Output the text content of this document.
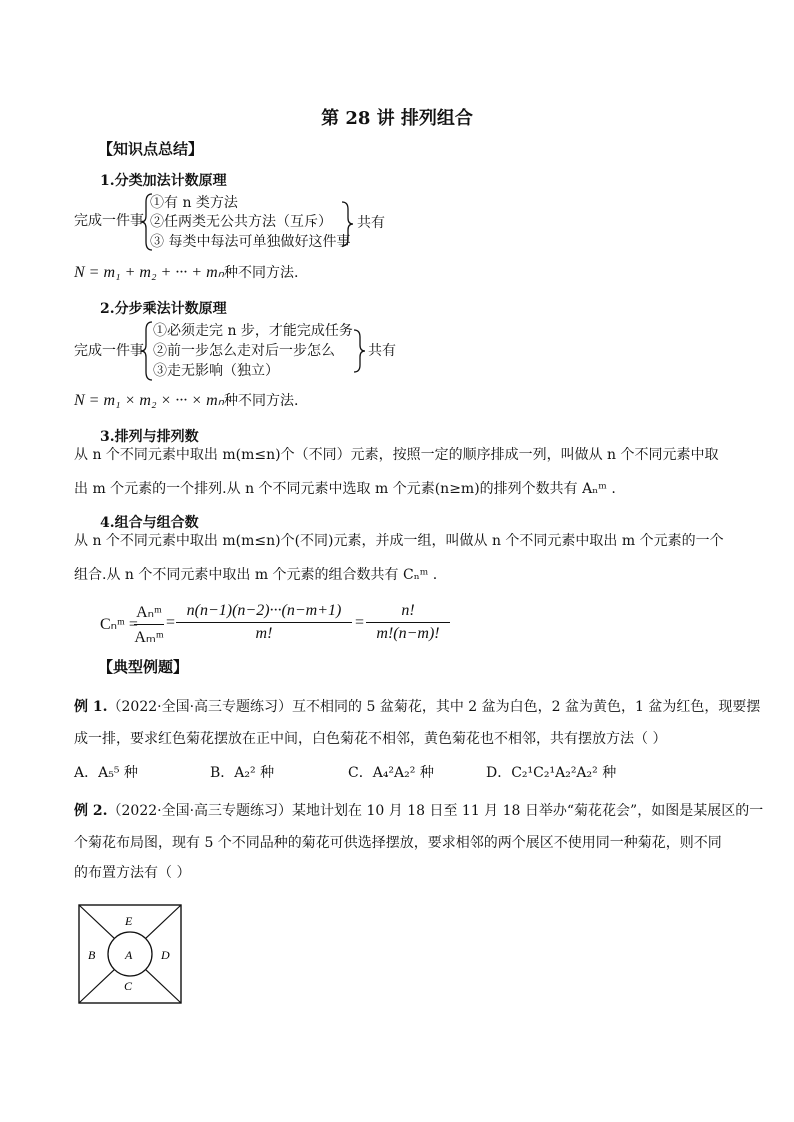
第 28 讲 排列组合
【知识点总结】
1.分类加法计数原理
完成一件事
①有 n 类方法
②任两类无公共方法（互斥）
③ 每类中每法可单独做好这件事
共有
N = m₁ + m₂ + ··· + mₙ种不同方法.
2.分步乘法计数原理
完成一件事
①必须走完 n 步，才能完成任务
②前一步怎么走对后一步怎么
③走无影响（独立）
共有
N = m₁ × m₂ × ··· × mₙ种不同方法.
3.排列与排列数
从 n 个不同元素中取出 m(m≤n)个（不同）元素，按照一定的顺序排成一列，叫做从 n 个不同元素中取
出 m 个元素的一个排列.从 n 个不同元素中选取 m 个元素(n≥m)的排列个数共有 Aₙᵐ .
4.组合与组合数
从 n 个不同元素中取出 m(m≤n)个(不同)元素，并成一组，叫做从 n 个不同元素中取出 m 个元素的一个
组合.从 n 个不同元素中取出 m 个元素的组合数共有 Cₙᵐ .
Cₙᵐ =
Aₙᵐ
Aₘᵐ
=
n(n−1)(n−2)···(n−m+1)
m!
=
n!
m!(n−m)!
【典型例题】
例 1.（2022·全国·高三专题练习）互不相同的 5 盆菊花，其中 2 盆为白色，2 盆为黄色，1 盆为红色，现要摆
成一排，要求红色菊花摆放在正中间，白色菊花不相邻，黄色菊花也不相邻，共有摆放方法（ ）
A．A₅⁵ 种	B．A₂² 种	C．A₄²A₂² 种	D．C₂¹C₂¹A₂²A₂² 种
例 2.（2022·全国·高三专题练习）某地计划在 10 月 18 日至 11 月 18 日举办“菊花花会”，如图是某展区的一
个菊花布局图，现有 5 个不同品种的菊花可供选择摆放，要求相邻的两个展区不使用同一种菊花，则不同
的布置方法有（ ）
A
B
C
D
E
